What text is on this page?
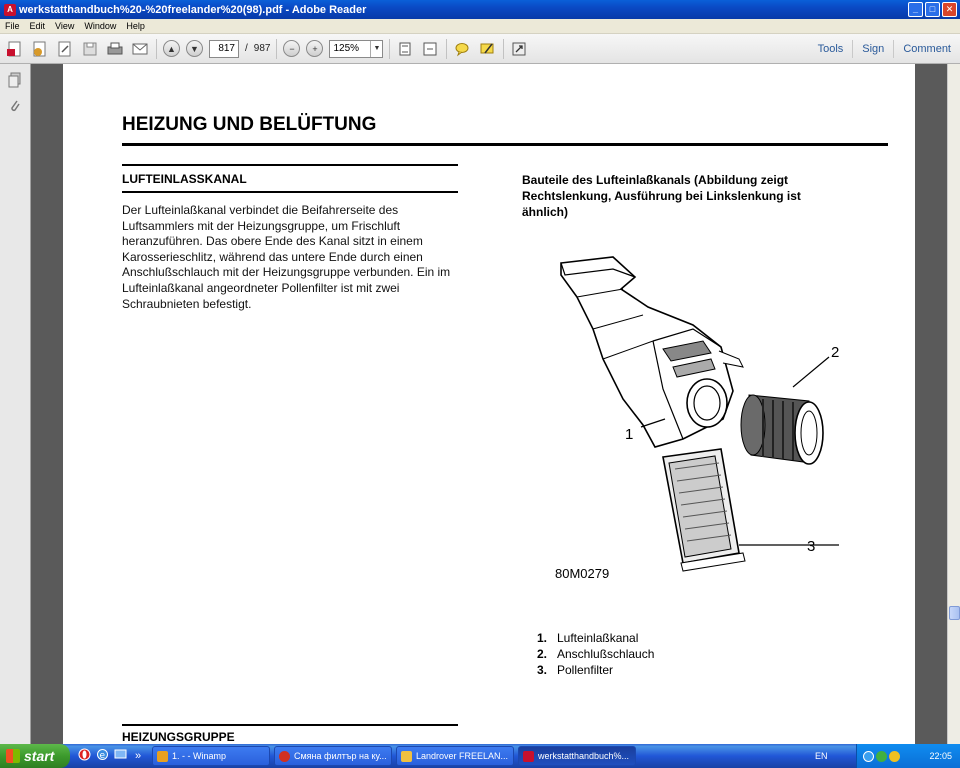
A werkstatthandbuch%20-%20freelander%20(98).pdf - Adobe Reader	_	□	✕
File	Edit	View	Window	Help
▲	▼	817	/ 987	−	+	125%	▼	Tools	Sign	Comment
HEIZUNG UND BELÜFTUNG
LUFTEINLASSKANAL
Der Lufteinlaßkanal verbindet die Beifahrerseite des Luftsammlers mit der Heizungsgruppe, um Frischluft heranzuführen. Das obere Ende des Kanal sitzt in einem Karosserieschlitz, während das untere Ende durch einen Anschlußschlauch mit der Heizungsgruppe verbunden. Ein im Lufteinlaßkanal angeordneter Pollenfilter ist mit zwei Schraubnieten befestigt.
Bauteile des Lufteinlaßkanals (Abbildung zeigt Rechtslenkung, Ausführung bei Linkslenkung ist ähnlich)
1
2
3
80M0279
1. Lufteinlaßkanal
2. Anschlußschlauch
3. Pollenfilter
HEIZUNGSGRUPPE
start	e	»	1. - - Winamp	Смяна филтър на ку...	Landrover FREELAN...	werkstatthandbuch%...	EN	22:05
